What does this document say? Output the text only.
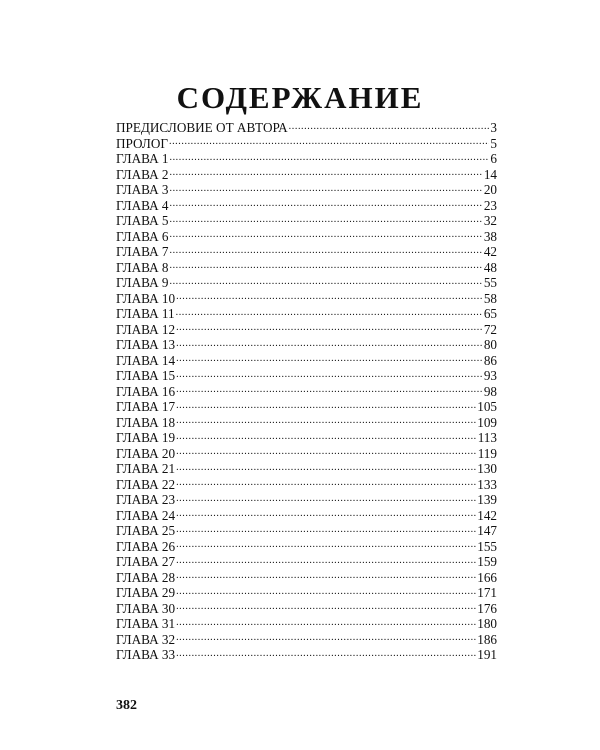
СОДЕРЖАНИЕ
ПРЕДИСЛОВИЕ ОТ АВТОРА .....	3
ПРОЛОГ .....	5
ГЛАВА 1 .....	6
ГЛАВА 2 .....	14
ГЛАВА 3 .....	20
ГЛАВА 4 .....	23
ГЛАВА 5 .....	32
ГЛАВА 6 .....	38
ГЛАВА 7 .....	42
ГЛАВА 8 .....	48
ГЛАВА 9 .....	55
ГЛАВА 10 .....	58
ГЛАВА 11 .....	65
ГЛАВА 12 .....	72
ГЛАВА 13 .....	80
ГЛАВА 14 .....	86
ГЛАВА 15 .....	93
ГЛАВА 16 .....	98
ГЛАВА 17 .....	105
ГЛАВА 18 .....	109
ГЛАВА 19 .....	113
ГЛАВА 20 .....	119
ГЛАВА 21 .....	130
ГЛАВА 22 .....	133
ГЛАВА 23 .....	139
ГЛАВА 24 .....	142
ГЛАВА 25 .....	147
ГЛАВА 26 .....	155
ГЛАВА 27 .....	159
ГЛАВА 28 .....	166
ГЛАВА 29 .....	171
ГЛАВА 30 .....	176
ГЛАВА 31 .....	180
ГЛАВА 32 .....	186
ГЛАВА 33 .....	191
382
